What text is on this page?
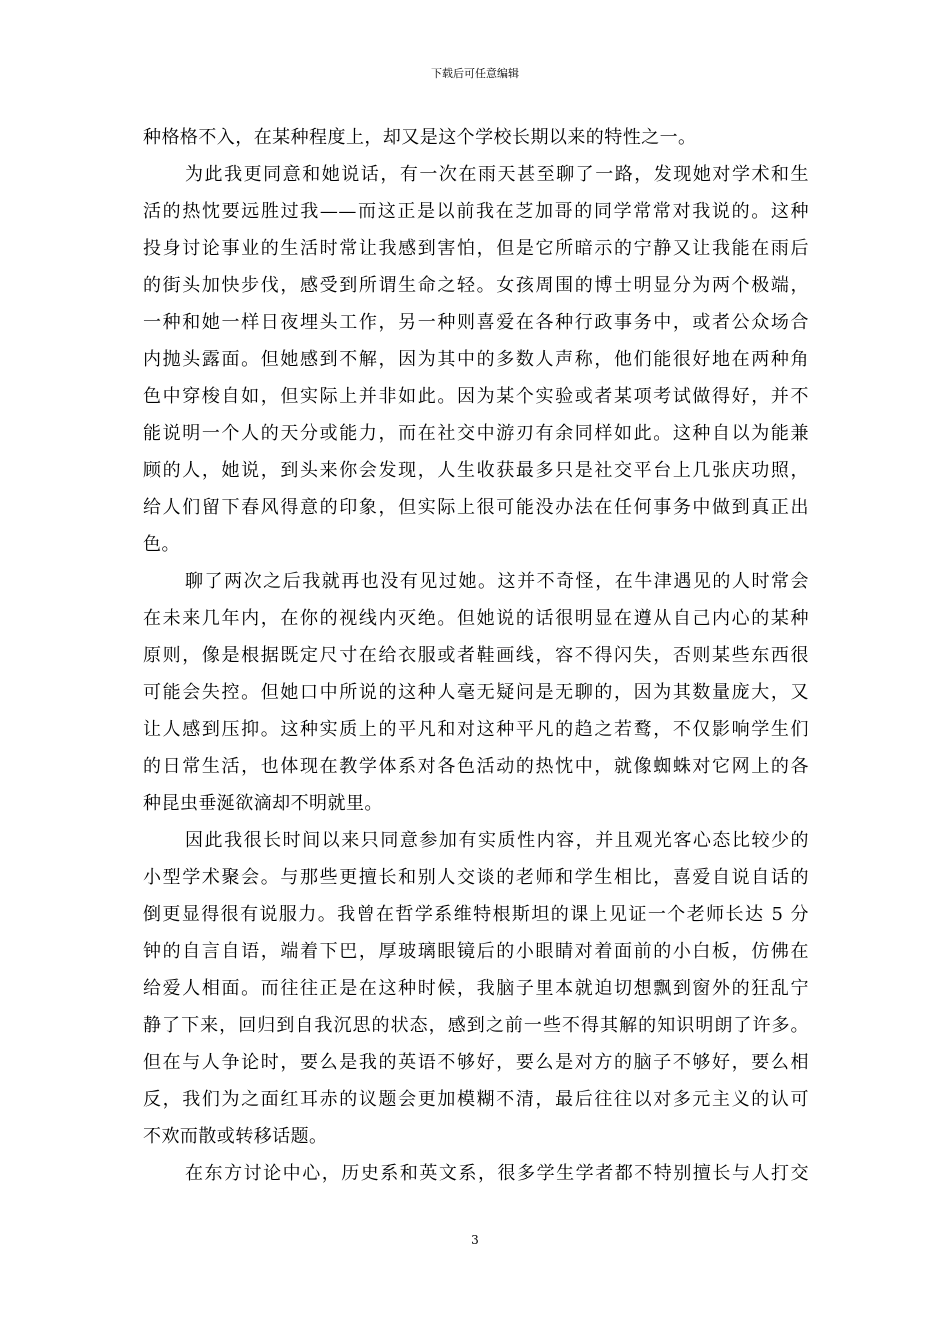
下载后可任意编辑
种格格不入，在某种程度上，却又是这个学校长期以来的特性之一。
为此我更同意和她说话，有一次在雨天甚至聊了一路，发现她对学术和生
活的热忱要远胜过我——而这正是以前我在芝加哥的同学常常对我说的。这种
投身讨论事业的生活时常让我感到害怕，但是它所暗示的宁静又让我能在雨后
的街头加快步伐，感受到所谓生命之轻。女孩周围的博士明显分为两个极端，
一种和她一样日夜埋头工作，另一种则喜爱在各种行政事务中，或者公众场合
内抛头露面。但她感到不解，因为其中的多数人声称，他们能很好地在两种角
色中穿梭自如，但实际上并非如此。因为某个实验或者某项考试做得好，并不
能说明一个人的天分或能力，而在社交中游刃有余同样如此。这种自以为能兼
顾的人，她说，到头来你会发现，人生收获最多只是社交平台上几张庆功照，
给人们留下春风得意的印象，但实际上很可能没办法在任何事务中做到真正出
色。
聊了两次之后我就再也没有见过她。这并不奇怪，在牛津遇见的人时常会
在未来几年内，在你的视线内灭绝。但她说的话很明显在遵从自己内心的某种
原则，像是根据既定尺寸在给衣服或者鞋画线，容不得闪失，否则某些东西很
可能会失控。但她口中所说的这种人毫无疑问是无聊的，因为其数量庞大，又
让人感到压抑。这种实质上的平凡和对这种平凡的趋之若鹜，不仅影响学生们
的日常生活，也体现在教学体系对各色活动的热忱中，就像蜘蛛对它网上的各
种昆虫垂涎欲滴却不明就里。
因此我很长时间以来只同意参加有实质性内容，并且观光客心态比较少的
小型学术聚会。与那些更擅长和别人交谈的老师和学生相比，喜爱自说自话的
倒更显得很有说服力。我曾在哲学系维特根斯坦的课上见证一个老师长达 5 分
钟的自言自语，端着下巴，厚玻璃眼镜后的小眼睛对着面前的小白板，仿佛在
给爱人相面。而往往正是在这种时候，我脑子里本就迫切想飘到窗外的狂乱宁
静了下来，回归到自我沉思的状态，感到之前一些不得其解的知识明朗了许多。
但在与人争论时，要么是我的英语不够好，要么是对方的脑子不够好，要么相
反，我们为之面红耳赤的议题会更加模糊不清，最后往往以对多元主义的认可
不欢而散或转移话题。
在东方讨论中心，历史系和英文系，很多学生学者都不特别擅长与人打交
3
